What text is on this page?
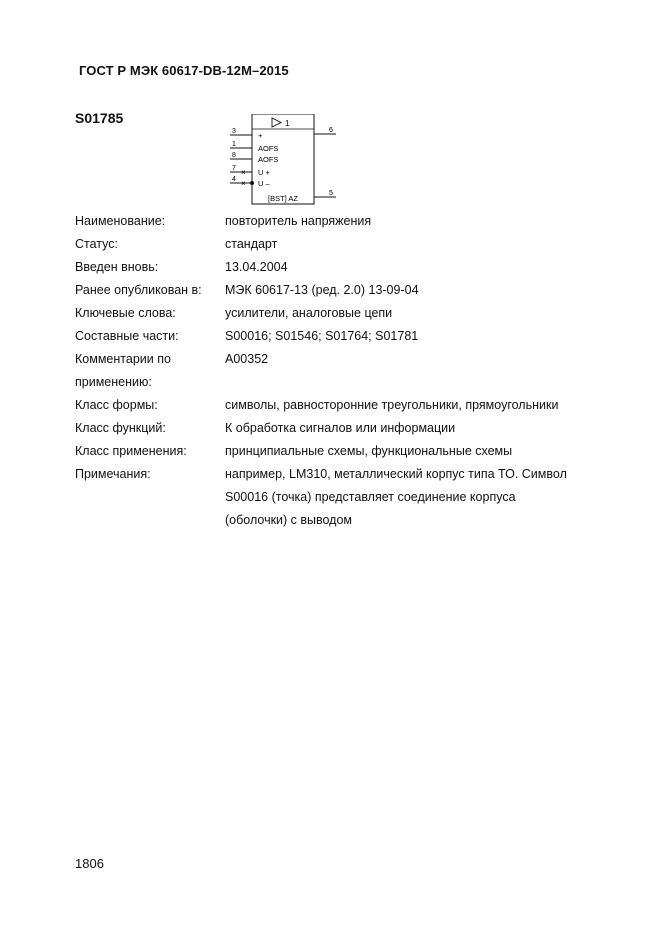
ГОСТ Р МЭК 60617-DB-12M–2015
S01785	1
+
AOFS
AOFS
U +
U –
[BST] AZ
3
1
8
7 ×
4 ×
6
5
Наименование:	повторитель напряжения
Статус:	стандарт
Введен вновь:	13.04.2004
Ранее опубликован в:	МЭК 60617-13 (ред. 2.0) 13-09-04
Ключевые слова:	усилители, аналоговые цепи
Составные части:	S00016; S01546; S01764; S01781
Комментарии по	A00352
применению:
Класс формы:	символы, равносторонние треугольники, прямоугольники
Класс функций:	К обработка сигналов или информации
Класс применения:	принципиальные схемы, функциональные схемы
Примечания:	например, LM310, металлический корпус типа ТО. Символ
S00016 (точка) представляет соединение корпуса
(оболочки) с выводом
1806
